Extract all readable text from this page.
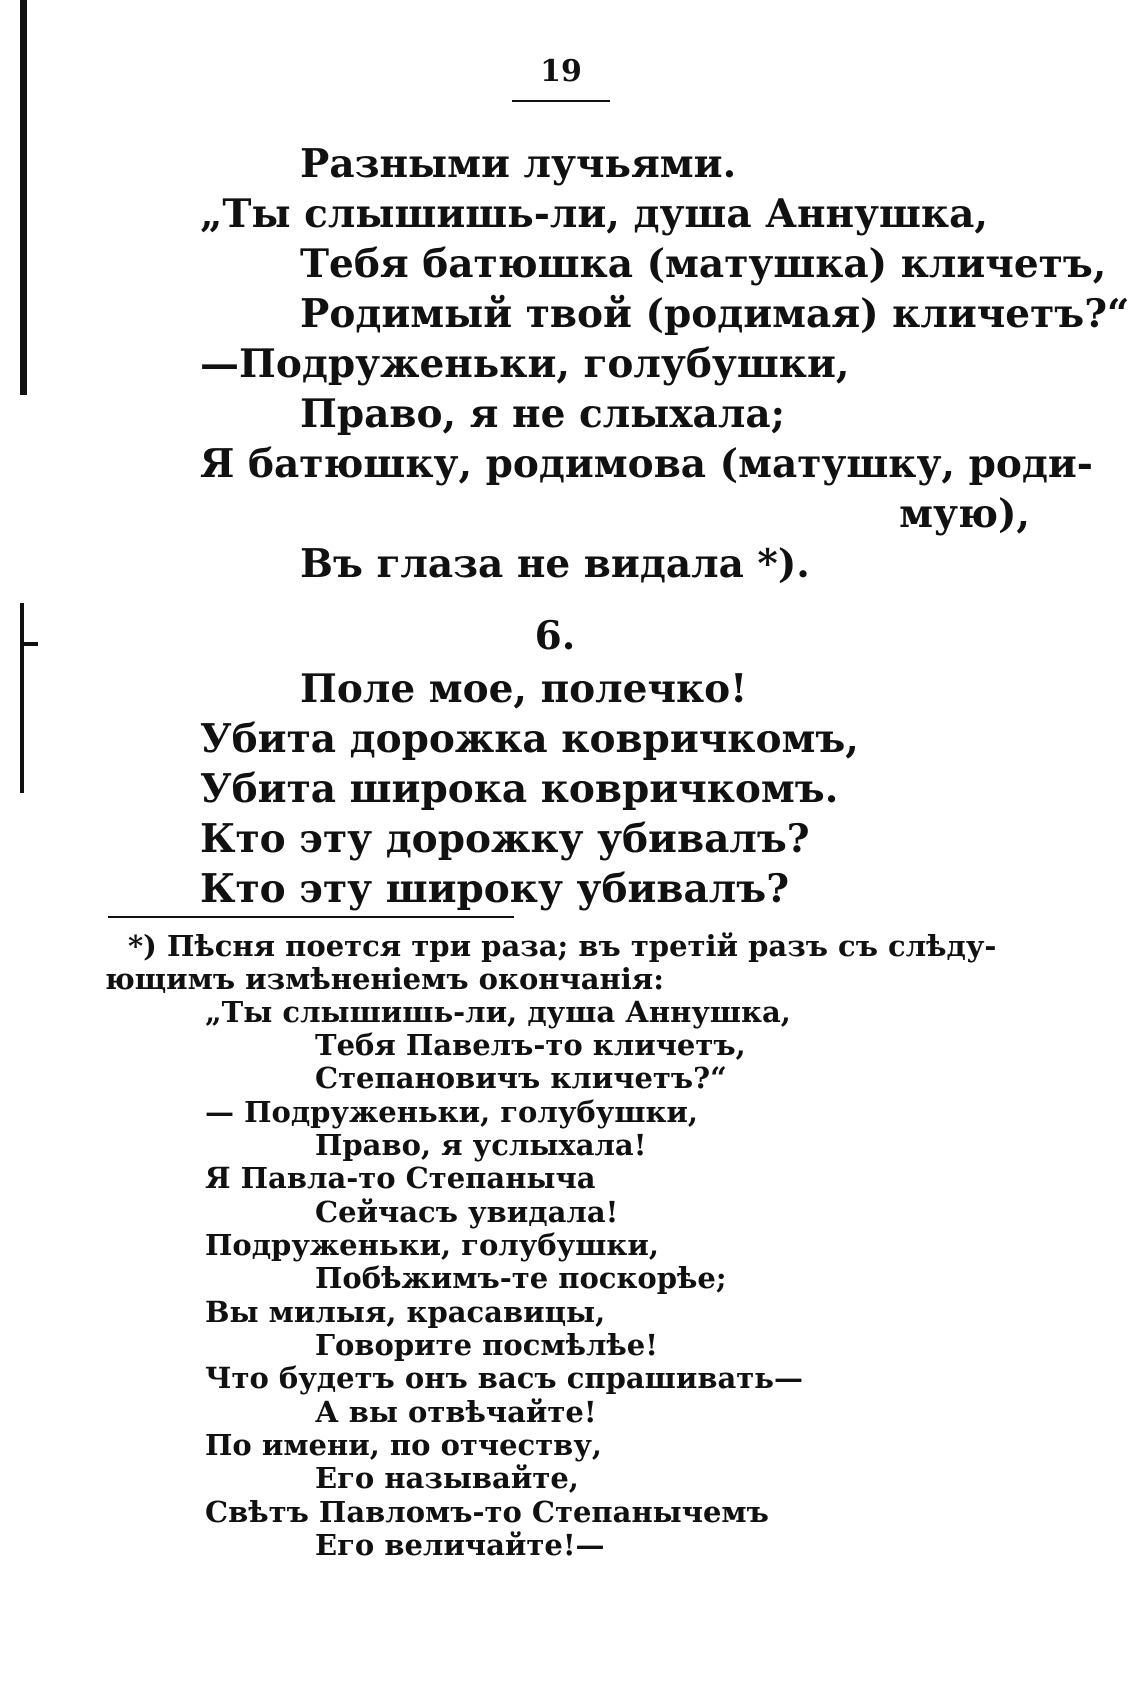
19
Разными лучьями.
„Ты слышишь-ли, душа Аннушка,
Тебя батюшка (матушка) кличетъ,
Родимый твой (родимая) кличетъ?“
—Подруженьки, голубушки,
Право, я не слыхала;
Я батюшку, родимова (матушку, роди-
мую),
Въ глаза не видала *).
6.
Поле мое, полечко!
Убита дорожка ковричкомъ,
Убита широка ковричкомъ.
Кто эту дорожку убивалъ?
Кто эту широку убивалъ?
*) Пѣсня поется три раза; въ третій разъ съ слѣду-
ющимъ измѣненіемъ окончанія:
„Ты слышишь-ли, душа Аннушка,
Тебя Павелъ-то кличетъ,
Степановичъ кличетъ?“
— Подруженьки, голубушки,
Право, я услыхала!
Я Павла-то Степаныча
Сейчасъ увидала!
Подруженьки, голубушки,
Побѣжимъ-те поскорѣе;
Вы милыя, красавицы,
Говорите посмѣлѣе!
Что будетъ онъ васъ спрашивать—
А вы отвѣчайте!
По имени, по отчеству,
Его называйте,
Свѣтъ Павломъ-то Степанычемъ
Его величайте!—
